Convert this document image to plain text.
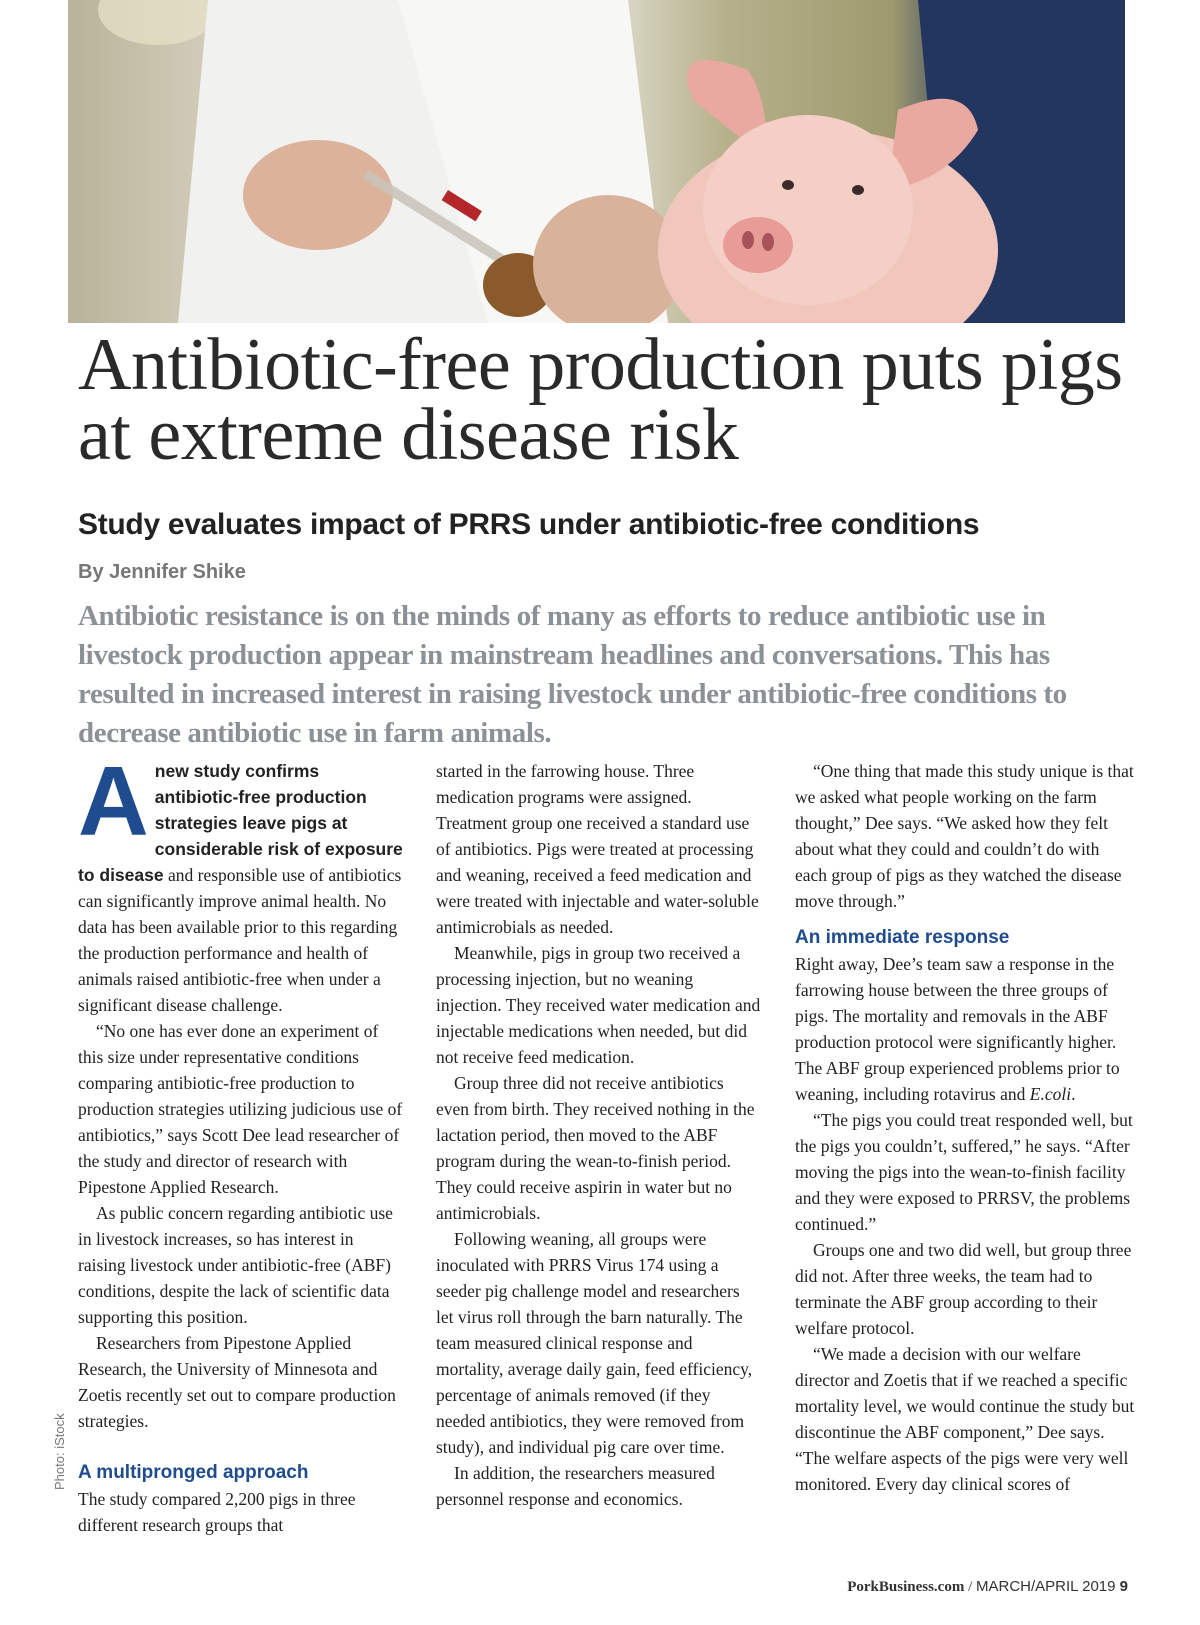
Photo: iStock
Antibiotic-free production puts pigs at extreme disease risk

Study evaluates impact of PRRS under antibiotic-free conditions

By Jennifer Shike

Antibiotic resistance is on the minds of many as efforts to reduce antibiotic use in livestock production appear in mainstream headlines and conversations. This has resulted in increased interest in raising livestock under antibiotic-free conditions to decrease antibiotic use in farm animals.

A new study confirms antibiotic-free production strategies leave pigs at considerable risk of exposure to disease and responsible use of antibiotics can significantly improve animal health. No data has been available prior to this regarding the production performance and health of animals raised antibiotic-free when under a significant disease challenge.

“No one has ever done an experiment of this size under representative conditions comparing antibiotic-free production to production strategies utilizing judicious use of antibiotics,” says Scott Dee lead researcher of the study and director of research with Pipestone Applied Research.

As public concern regarding antibiotic use in livestock increases, so has interest in raising livestock under antibiotic-free (ABF) conditions, despite the lack of scientific data supporting this position.

Researchers from Pipestone Applied Research, the University of Minnesota and Zoetis recently set out to compare production strategies.

A multipronged approach

The study compared 2,200 pigs in three different research groups that

started in the farrowing house. Three medication programs were assigned. Treatment group one received a standard use of antibiotics. Pigs were treated at processing and weaning, received a feed medication and were treated with injectable and water-soluble antimicrobials as needed.

Meanwhile, pigs in group two received a processing injection, but no weaning injection. They received water medication and injectable medications when needed, but did not receive feed medication.

Group three did not receive antibiotics even from birth. They received nothing in the lactation period, then moved to the ABF program during the wean-to-finish period. They could receive aspirin in water but no antimicrobials.

Following weaning, all groups were inoculated with PRRS Virus 174 using a seeder pig challenge model and researchers let virus roll through the barn naturally. The team measured clinical response and mortality, average daily gain, feed efficiency, percentage of animals removed (if they needed antibiotics, they were removed from study), and individual pig care over time.

In addition, the researchers measured personnel response and economics.

“One thing that made this study unique is that we asked what people working on the farm thought,” Dee says. “We asked how they felt about what they could and couldn’t do with each group of pigs as they watched the disease move through.”

An immediate response

Right away, Dee’s team saw a response in the farrowing house between the three groups of pigs. The mortality and removals in the ABF production protocol were significantly higher. The ABF group experienced problems prior to weaning, including rotavirus and E.coli.

“The pigs you could treat responded well, but the pigs you couldn’t, suffered,” he says. “After moving the pigs into the wean-to-finish facility and they were exposed to PRRSV, the problems continued.”

Groups one and two did well, but group three did not. After three weeks, the team had to terminate the ABF group according to their welfare protocol.

“We made a decision with our welfare director and Zoetis that if we reached a specific mortality level, we would continue the study but discontinue the ABF component,” Dee says. “The welfare aspects of the pigs were very well monitored. Every day clinical scores of

PorkBusiness.com / MARCH/APRIL 2019 9
